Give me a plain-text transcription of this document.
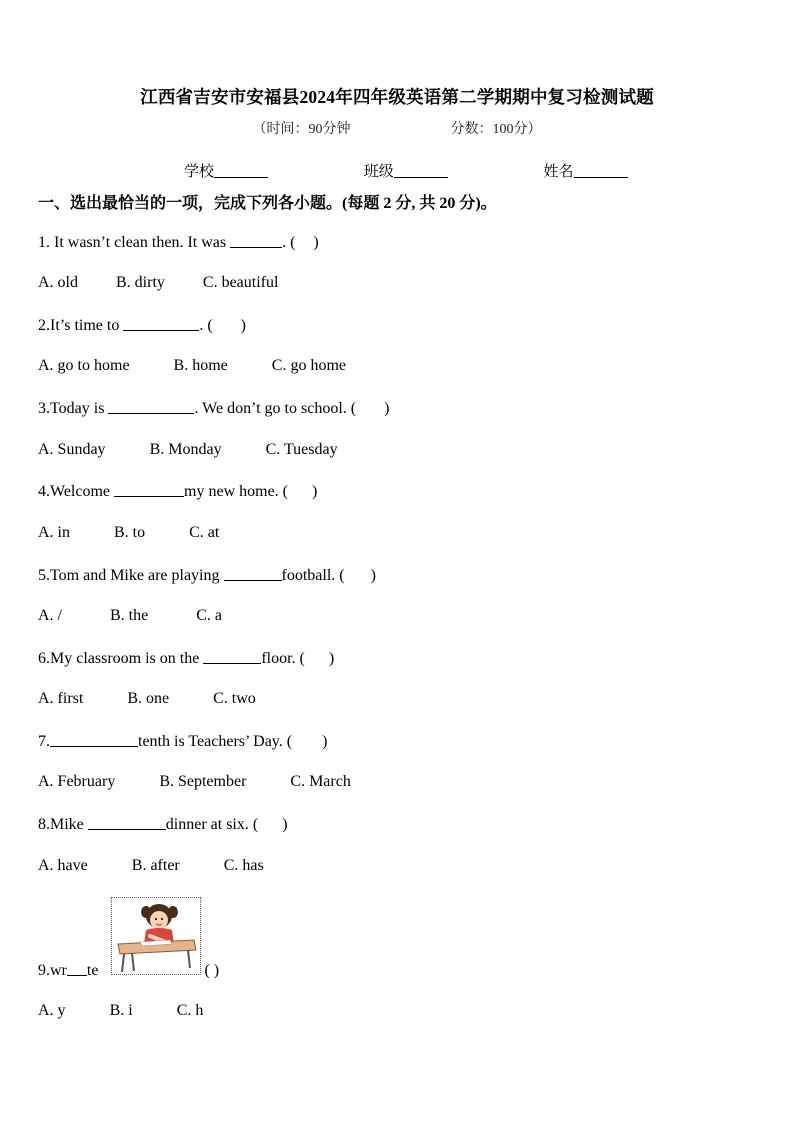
江西省吉安市安福县2024年四年级英语第二学期期中复习检测试题
（时间：90分钟	分数：100分）
学校	班级	姓名
一、选出最恰当的一项，完成下列各小题。(每题 2 分, 共 20 分)。
1. It wasn’t clean then. It was	. ( )
A. old B. dirty C. beautiful
2.It’s time to	. ( )
A. go to home	B. home	C. go home
3.Today is	. We don’t go to school. ( )
A. Sunday	B. Monday	C. Tuesday
4.Welcome	my new home. ( )
A. in	B. to	C. at
5.Tom and Mike are playing	football. ( )
A. /	B. the	C. a
6.My classroom is on the	floor. ( )
A. first	B. one	C. two
7.	tenth is Teachers’ Day. ( )
A. February	B. September	C. March
8.Mike	dinner at six. ( )
A. have	B. after	C. has
9.wr te	( )
A. y	B. i	C. h
